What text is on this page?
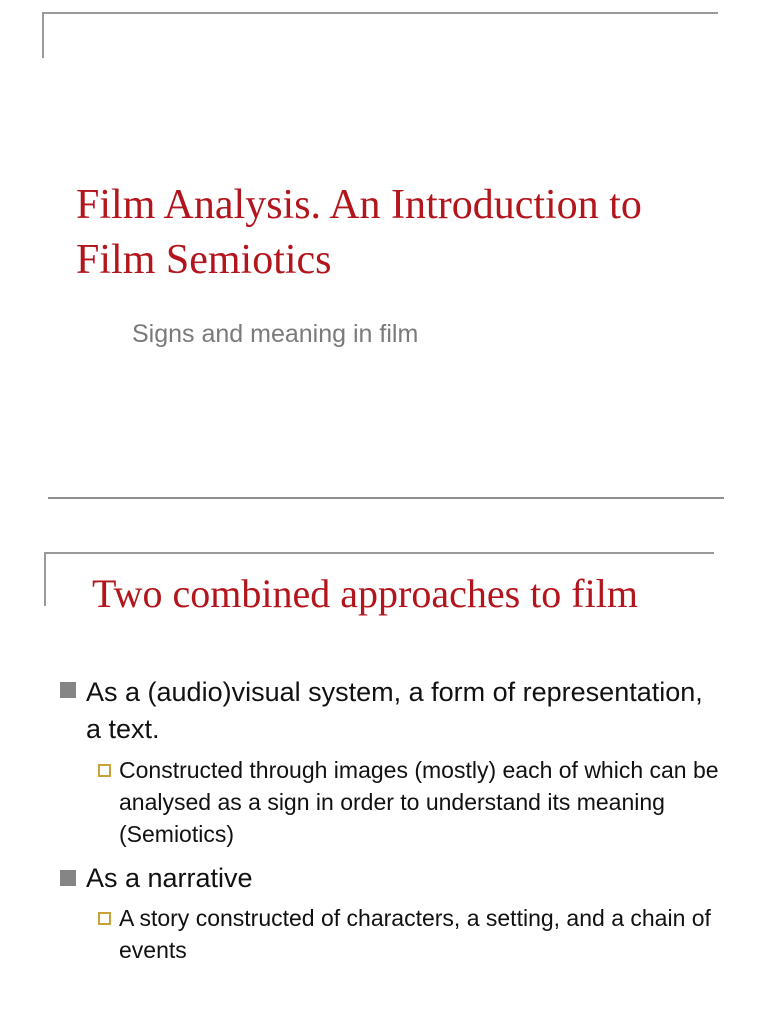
Film Analysis. An Introduction to Film Semiotics

Signs and meaning in film

Two combined approaches to film
As a (audio)visual system, a form of representation, a text.
Constructed through images (mostly) each of which can be analysed as a sign in order to understand its meaning (Semiotics)
As a narrative
A story constructed of characters, a setting, and a chain of events
